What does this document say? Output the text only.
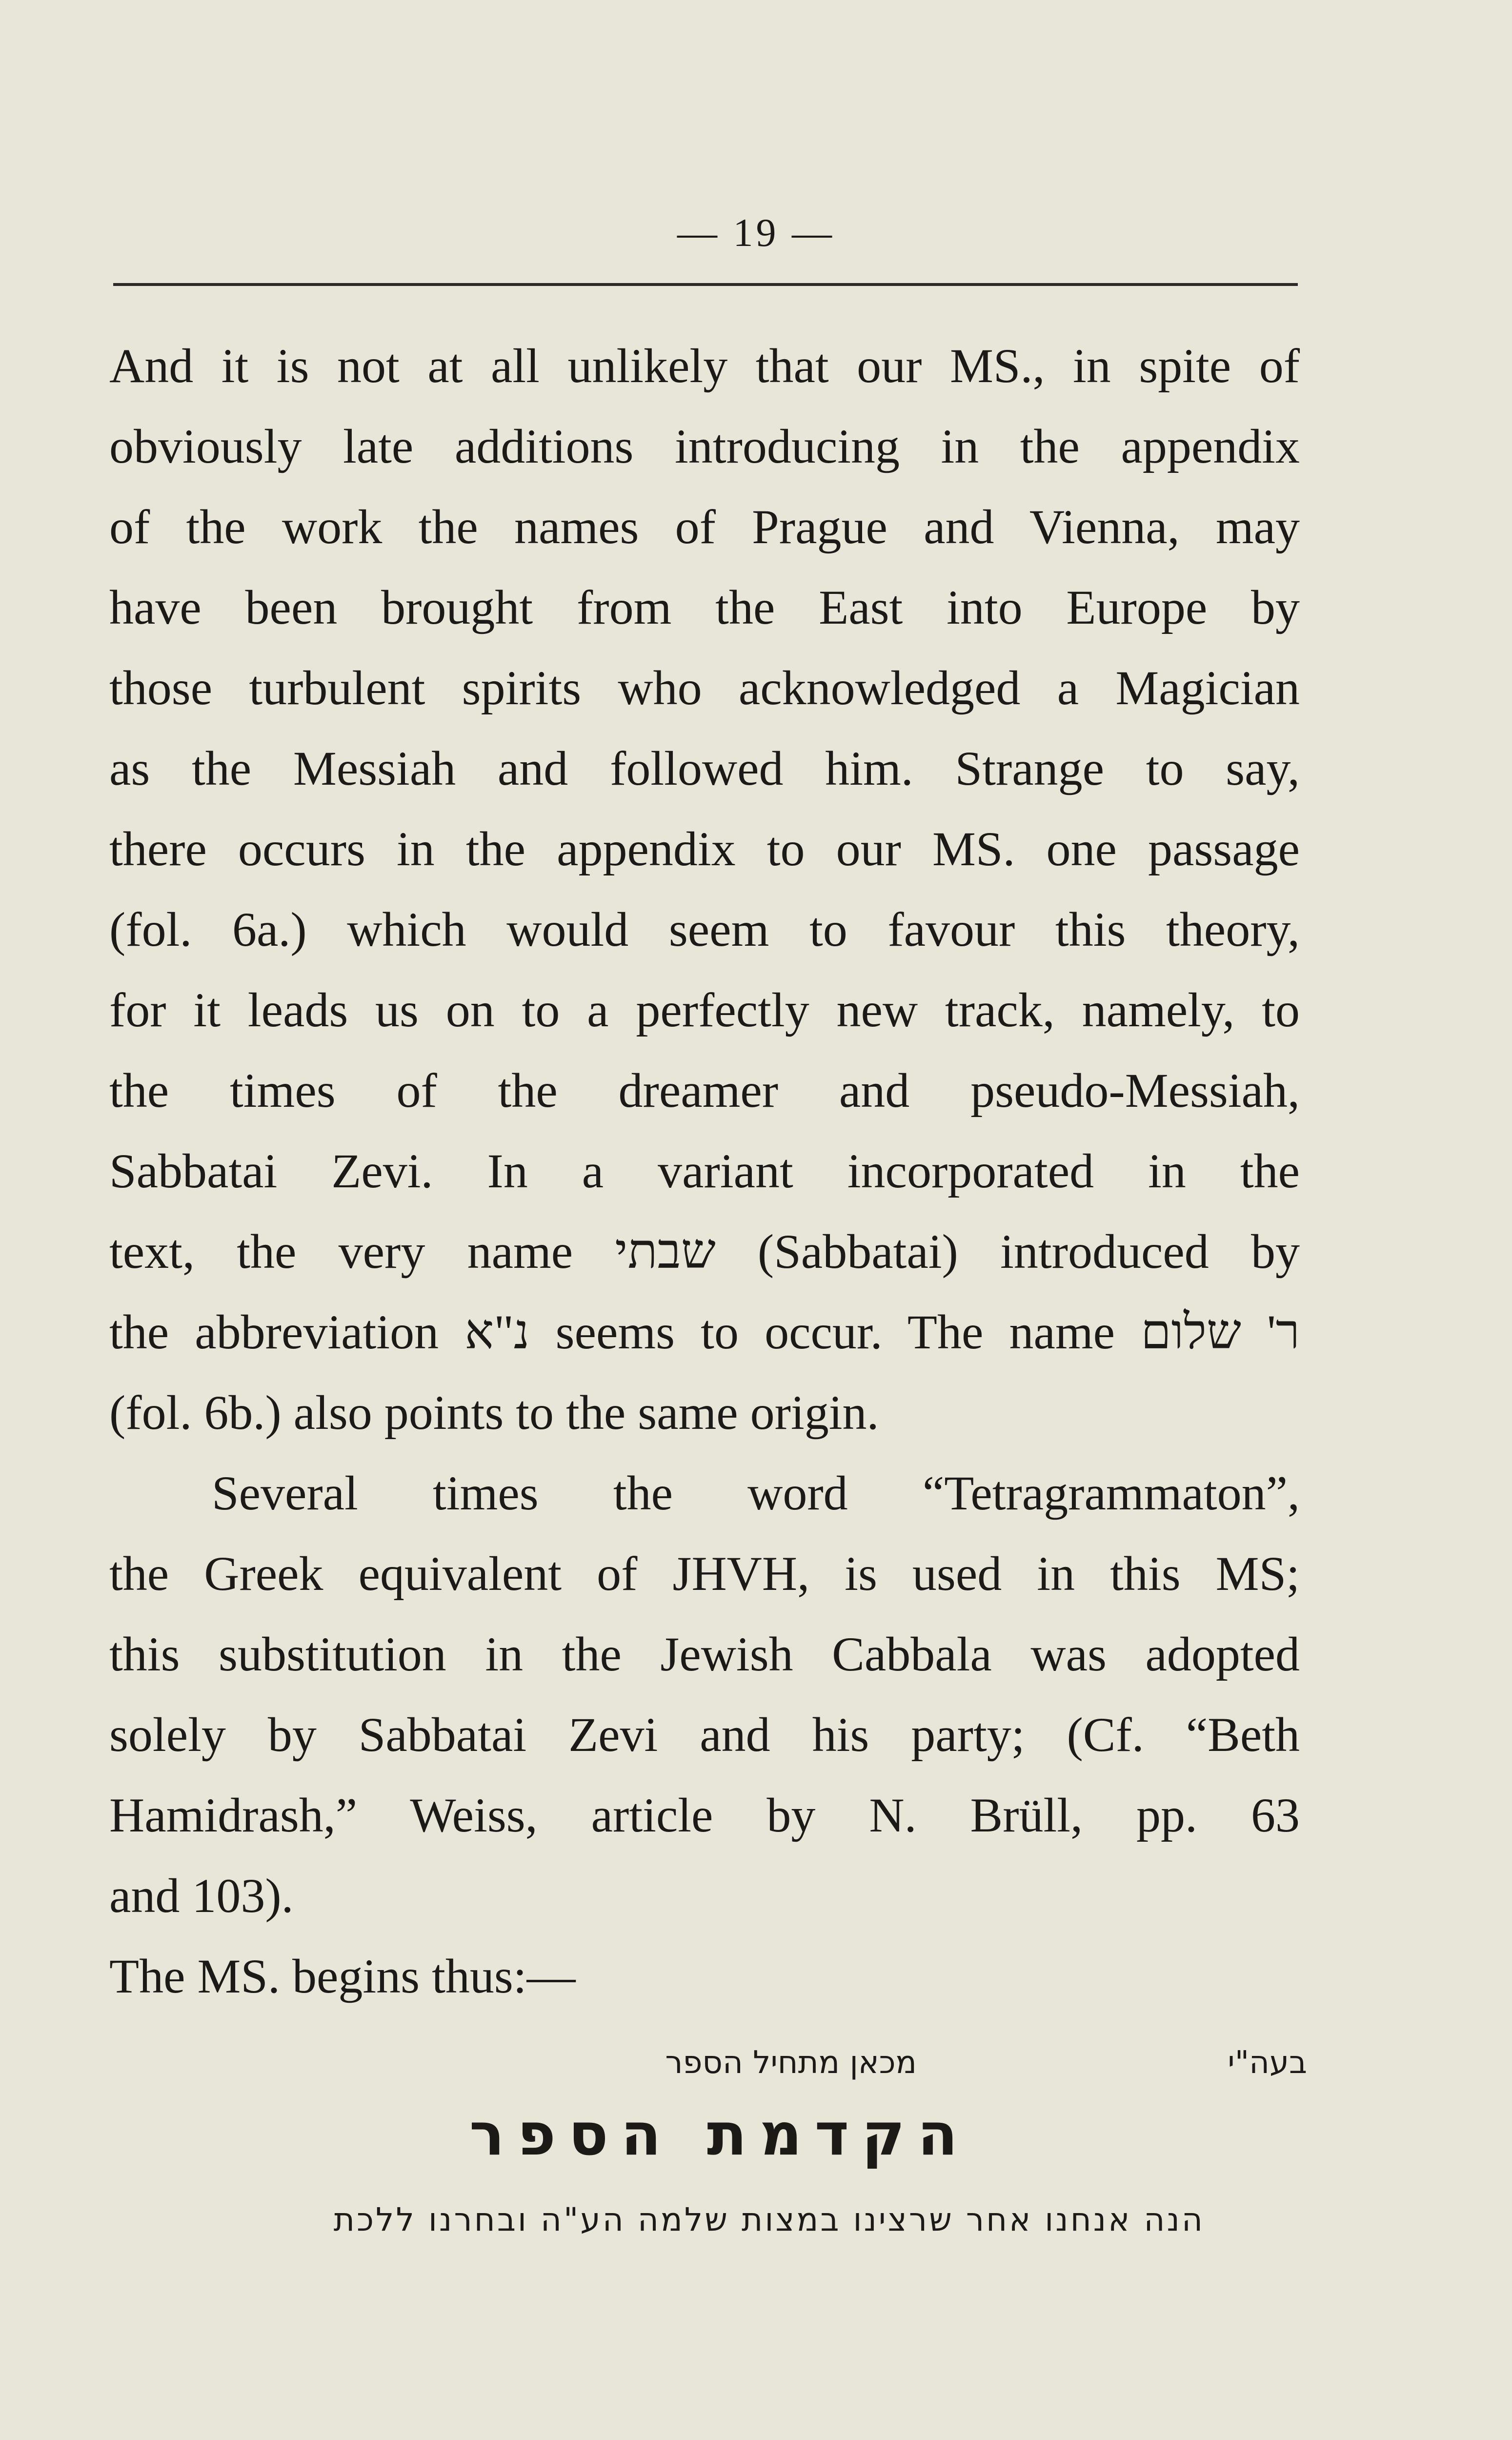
— 19 —
And it is not at all unlikely that our MS., in spite of
obviously late additions introducing in the appendix
of the work the names of Prague and Vienna, may
have been brought from the East into Europe by
those turbulent spirits who acknowledged a Magician
as the Messiah and followed him. Strange to say,
there occurs in the appendix to our MS. one passage
(fol. 6a.) which would seem to favour this theory,
for it leads us on to a perfectly new track, namely, to
the times of the dreamer and pseudo-Messiah,
Sabbatai Zevi. In a variant incorporated in the
text, the very name שבתי (Sabbatai) introduced by
the abbreviation נ"א seems to occur. The name ר' שלום
(fol. 6b.) also points to the same origin.
Several times the word “Tetragrammaton”,
the Greek equivalent of JHVH, is used in this MS;
this substitution in the Jewish Cabbala was adopted
solely by Sabbatai Zevi and his party; (Cf. “Beth
Hamidrash,” Weiss, article by N. Brüll, pp. 63
and 103).
The MS. begins thus:—
בעה"י
מכאן מתחיל הספר
הקדמת הספר
הנה אנחנו אחר שרצינו במצות שלמה הע"ה ובחרנו ללכת
